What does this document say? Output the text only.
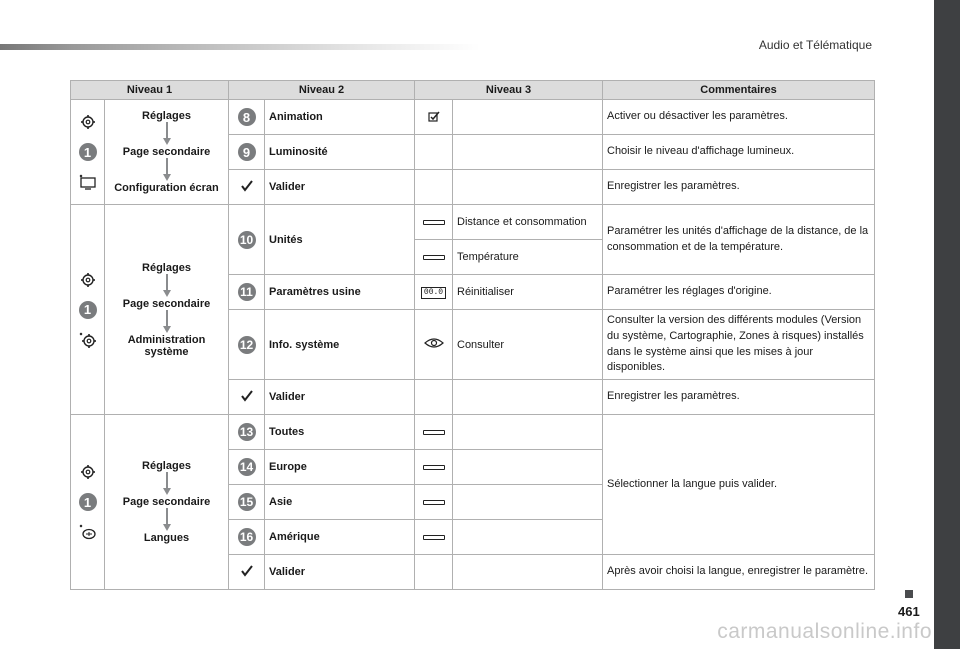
Audio et Télématique
Niveau 1		Niveau 2		Niveau 3		Commentaires

1	Réglages
Page secondaire
Configuration écran	8	Animation			Activer ou désactiver les paramètres.
		9	Luminosité			Choisir le niveau d'affichage lumineux.
	Valider			Enregistrer les paramètres.

1	Réglages
Page secondaire
Administration système	10	Unités		Distance et consommation	Paramétrer les unités d'affichage de la distance, de la consommation et de la température.
					Température	
		11	Paramètres usine	00.0	Réinitialiser	Paramétrer les réglages d'origine.
		12	Info. système		Consulter	Consulter la version des différents modules (Version du système, Cartographie, Zones à risques) installés dans le système ainsi que les mises à jour disponibles.
	Valider			Enregistrer les paramètres.

1	Réglages
Page secondaire
Langues	13	Toutes			Sélectionner la langue puis valider.
		14	Europe			
		15	Asie			
		16	Amérique			
	Valider			Après avoir choisi la langue, enregistrer le paramètre.
461
carmanualsonline.info
